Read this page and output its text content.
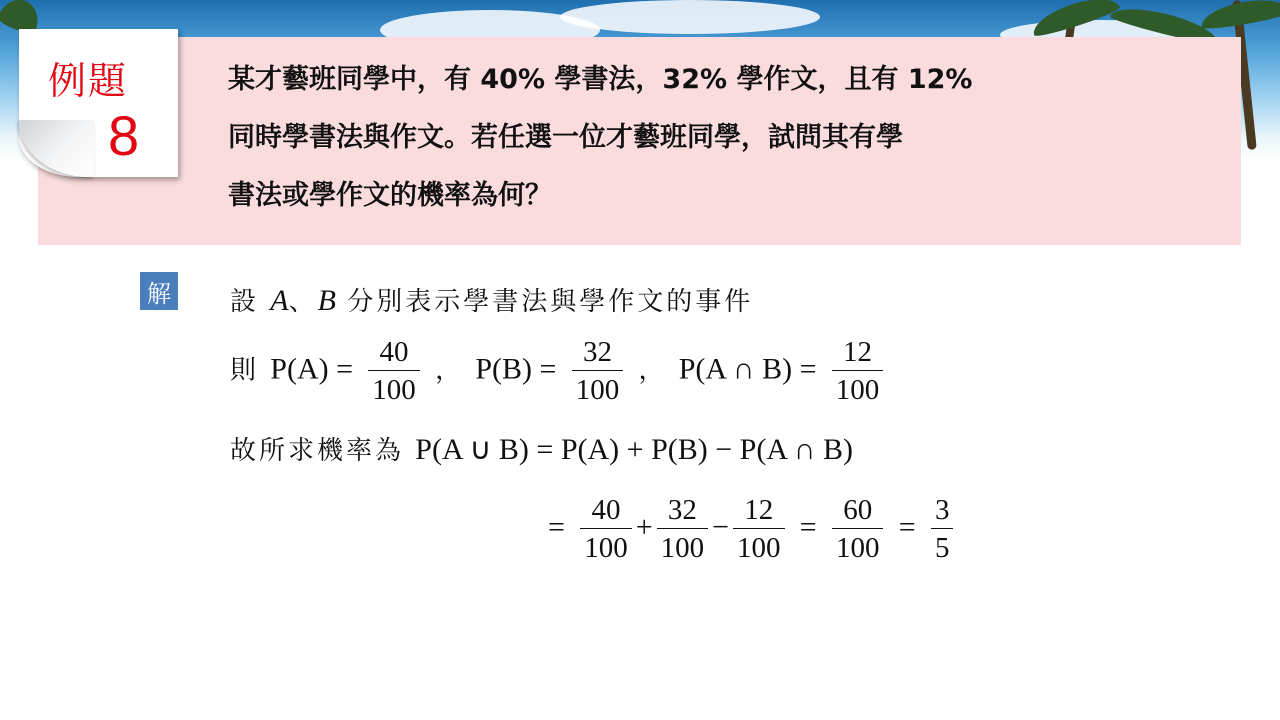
某才藝班同學中，有 40% 學書法，32% 學作文，且有 12%
同時學書法與作文。若任選一位才藝班同學，試問其有學
書法或學作文的機率為何？
例題
8
解 設 A、B 分別表示學書法與學作文的事件
則 $P(A) = \frac{40}{100}$ ， $P(B) = \frac{32}{100}$ ， P(A ∩ $B) = \frac{12}{100}$
故所求機率為 P(A ∪ B) = P(A) + P(B) − P(A ∩ B)
= $\frac{40}{100} + \frac{32}{100} - \frac{12}{100} = \frac{60}{100} = \frac{3}{5}$
